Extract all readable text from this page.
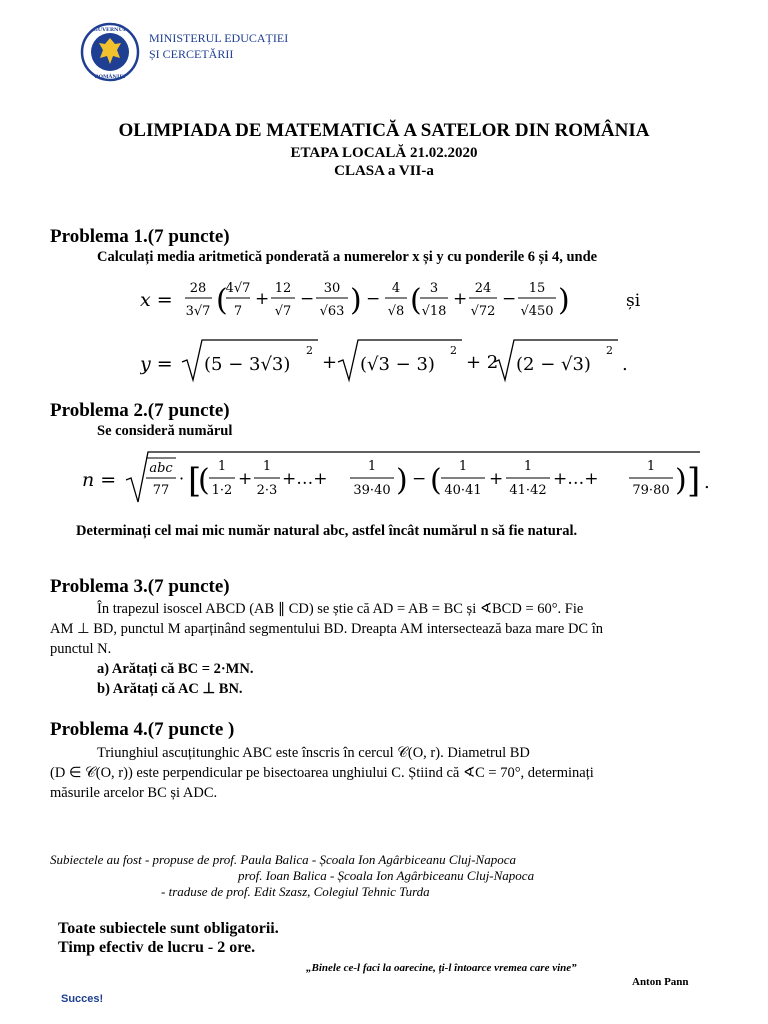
GUVERNUL
ROMÂNIEI
MINISTERUL EDUCAȚIEI
ȘI CERCETĂRII
OLIMPIADA DE MATEMATICĂ A SATELOR DIN ROMÂNIA
ETAPA LOCALĂ 21.02.2020
CLASA a VII-a
Problema 1.(7 puncte)
Calculați media aritmetică ponderată a numerelor x și y cu ponderile 6 și 4, unde
x =
28
3√7 (
4√7
7
+
12
√7
−
30
√63 ) −
4
√8 ( 3
√18
+
24
√72
−
15
√450 )	și
y = (5 − 3√3)
2
+ (√3 − 3)
2
+ 2 (2 − √3)
2
.
Problema 2.(7 puncte)
Se consideră numărul
n =
abc
77
· [
( 1
1·2
+
1
2·3
+…+
1
39·40 ) − ( 1
40·41
+
1
41·42
+…+
1
79·80 ) ] .
Determinați cel mai mic număr natural abc, astfel încât numărul n să fie natural.
Problema 3.(7 puncte)
În trapezul isoscel ABCD (AB ∥ CD) se știe că AD = AB = BC și ∢BCD = 60°. Fie
AM ⊥ BD, punctul M aparținând segmentului BD. Dreapta AM intersectează baza mare DC în
punctul N.
a) Arătați că BC = 2·MN.
b) Arătați că AC ⊥ BN.
Problema 4.(7 puncte )
Triunghiul ascuțitunghic ABC este înscris în cercul 𝒞(O, r). Diametrul BD
(D ∈ 𝒞(O, r)) este perpendicular pe bisectoarea unghiului C. Știind că ∢C = 70°, determinați
măsurile arcelor BC și ADC.
Subiectele au fost - propuse de prof. Paula Balica - Școala Ion Agârbiceanu Cluj-Napoca
prof. Ioan Balica - Școala Ion Agârbiceanu Cluj-Napoca
- traduse de prof. Edit Szasz, Colegiul Tehnic Turda
Toate subiectele sunt obligatorii.
Timp efectiv de lucru - 2 ore.
„Binele ce-l faci la oarecine, ți-l întoarce vremea care vine”
Anton Pann
Succes!
